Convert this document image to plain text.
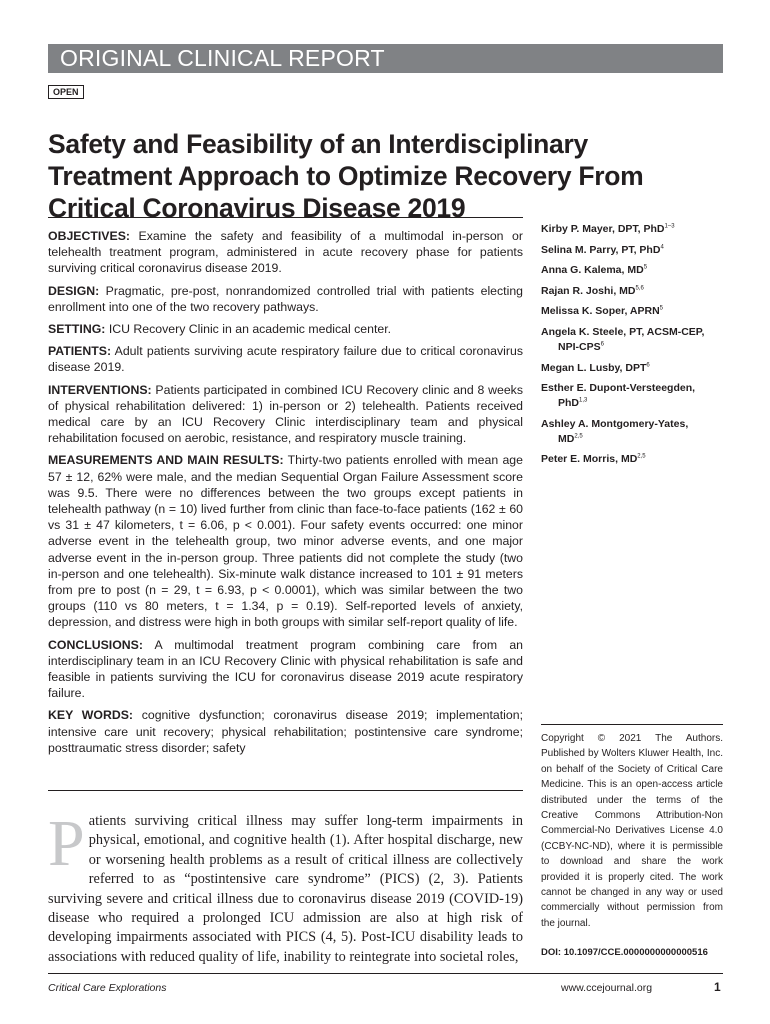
ORIGINAL CLINICAL REPORT
OPEN
Safety and Feasibility of an Interdisciplinary Treatment Approach to Optimize Recovery From Critical Coronavirus Disease 2019

OBJECTIVES: Examine the safety and feasibility of a multimodal in-person or telehealth treatment program, administered in acute recovery phase for patients surviving critical coronavirus disease 2019.

DESIGN: Pragmatic, pre-post, nonrandomized controlled trial with patients electing enrollment into one of the two recovery pathways.

SETTING: ICU Recovery Clinic in an academic medical center.

PATIENTS: Adult patients surviving acute respiratory failure due to critical coronavirus disease 2019.

INTERVENTIONS: Patients participated in combined ICU Recovery clinic and 8 weeks of physical rehabilitation delivered: 1) in-person or 2) telehealth. Patients received medical care by an ICU Recovery Clinic interdisciplinary team and physical rehabilitation focused on aerobic, resistance, and respiratory muscle training.

MEASUREMENTS AND MAIN RESULTS: Thirty-two patients enrolled with mean age 57 ± 12, 62% were male, and the median Sequential Organ Failure Assessment score was 9.5. There were no differences between the two groups except patients in telehealth pathway (n = 10) lived further from clinic than face-to-face patients (162 ± 60 vs 31 ± 47 kilometers, t = 6.06, p < 0.001). Four safety events occurred: one minor adverse event in the telehealth group, two minor adverse events, and one major adverse event in the in-person group. Three patients did not complete the study (two in-person and one telehealth). Six-minute walk distance increased to 101 ± 91 meters from pre to post (n = 29, t = 6.93, p < 0.0001), which was similar between the two groups (110 vs 80 meters, t = 1.34, p = 0.19). Self-reported levels of anxiety, depression, and distress were high in both groups with similar self-report quality of life.

CONCLUSIONS: A multimodal treatment program combining care from an interdisciplinary team in an ICU Recovery Clinic with physical rehabilitation is safe and feasible in patients surviving the ICU for coronavirus disease 2019 acute respiratory failure.

KEY WORDS: cognitive dysfunction; coronavirus disease 2019; implementation; intensive care unit recovery; physical rehabilitation; postintensive care syndrome; posttraumatic stress disorder; safety

Kirby P. Mayer, DPT, PhD$^{1-3}$
Selina M. Parry, PT, PhD$^4$
Anna G. Kalema, $MD^5$
Rajan R. Joshi, MD$^{5,6}$
Melissa K. Soper, APRN$^5$
Angela K. Steele, PT, ACSM-CEP,
NPI-CPS$^6$
Megan L. Lusby, DPT$^6$
Esther E. Dupont-Versteegden,
PhD$^{1,3}$
Ashley A. Montgomery-Yates,
MD$^{2,5}$
Peter E. Morris, MD$^{2,5}$
Copyright © 2021 The Authors. Published by Wolters Kluwer Health, Inc. on behalf of the Society of Critical Care Medicine. This is an open-access article distributed under the terms of the Creative Commons Attribution-Non Commercial-No Derivatives License 4.0 (CCBY-NC-ND), where it is permissible to download and share the work provided it is properly cited. The work cannot be changed in any way or used commercially without permission from the journal.
DOI: 10.1097/CCE.0000000000000516
Patients surviving critical illness may suffer long-term impairments in physical, emotional, and cognitive health (1). After hospital discharge, new or worsening health problems as a result of critical illness are collectively referred to as “postintensive care syndrome” (PICS) (2, 3). Patients surviving severe and critical illness due to coronavirus disease 2019 (COVID-19) disease who required a prolonged ICU admission are also at high risk of developing impairments associated with PICS (4, 5). Post-ICU disability leads to associations with reduced quality of life, inability to reintegrate into societal roles,
Critical Care Explorations	www.ccejournal.org	1
